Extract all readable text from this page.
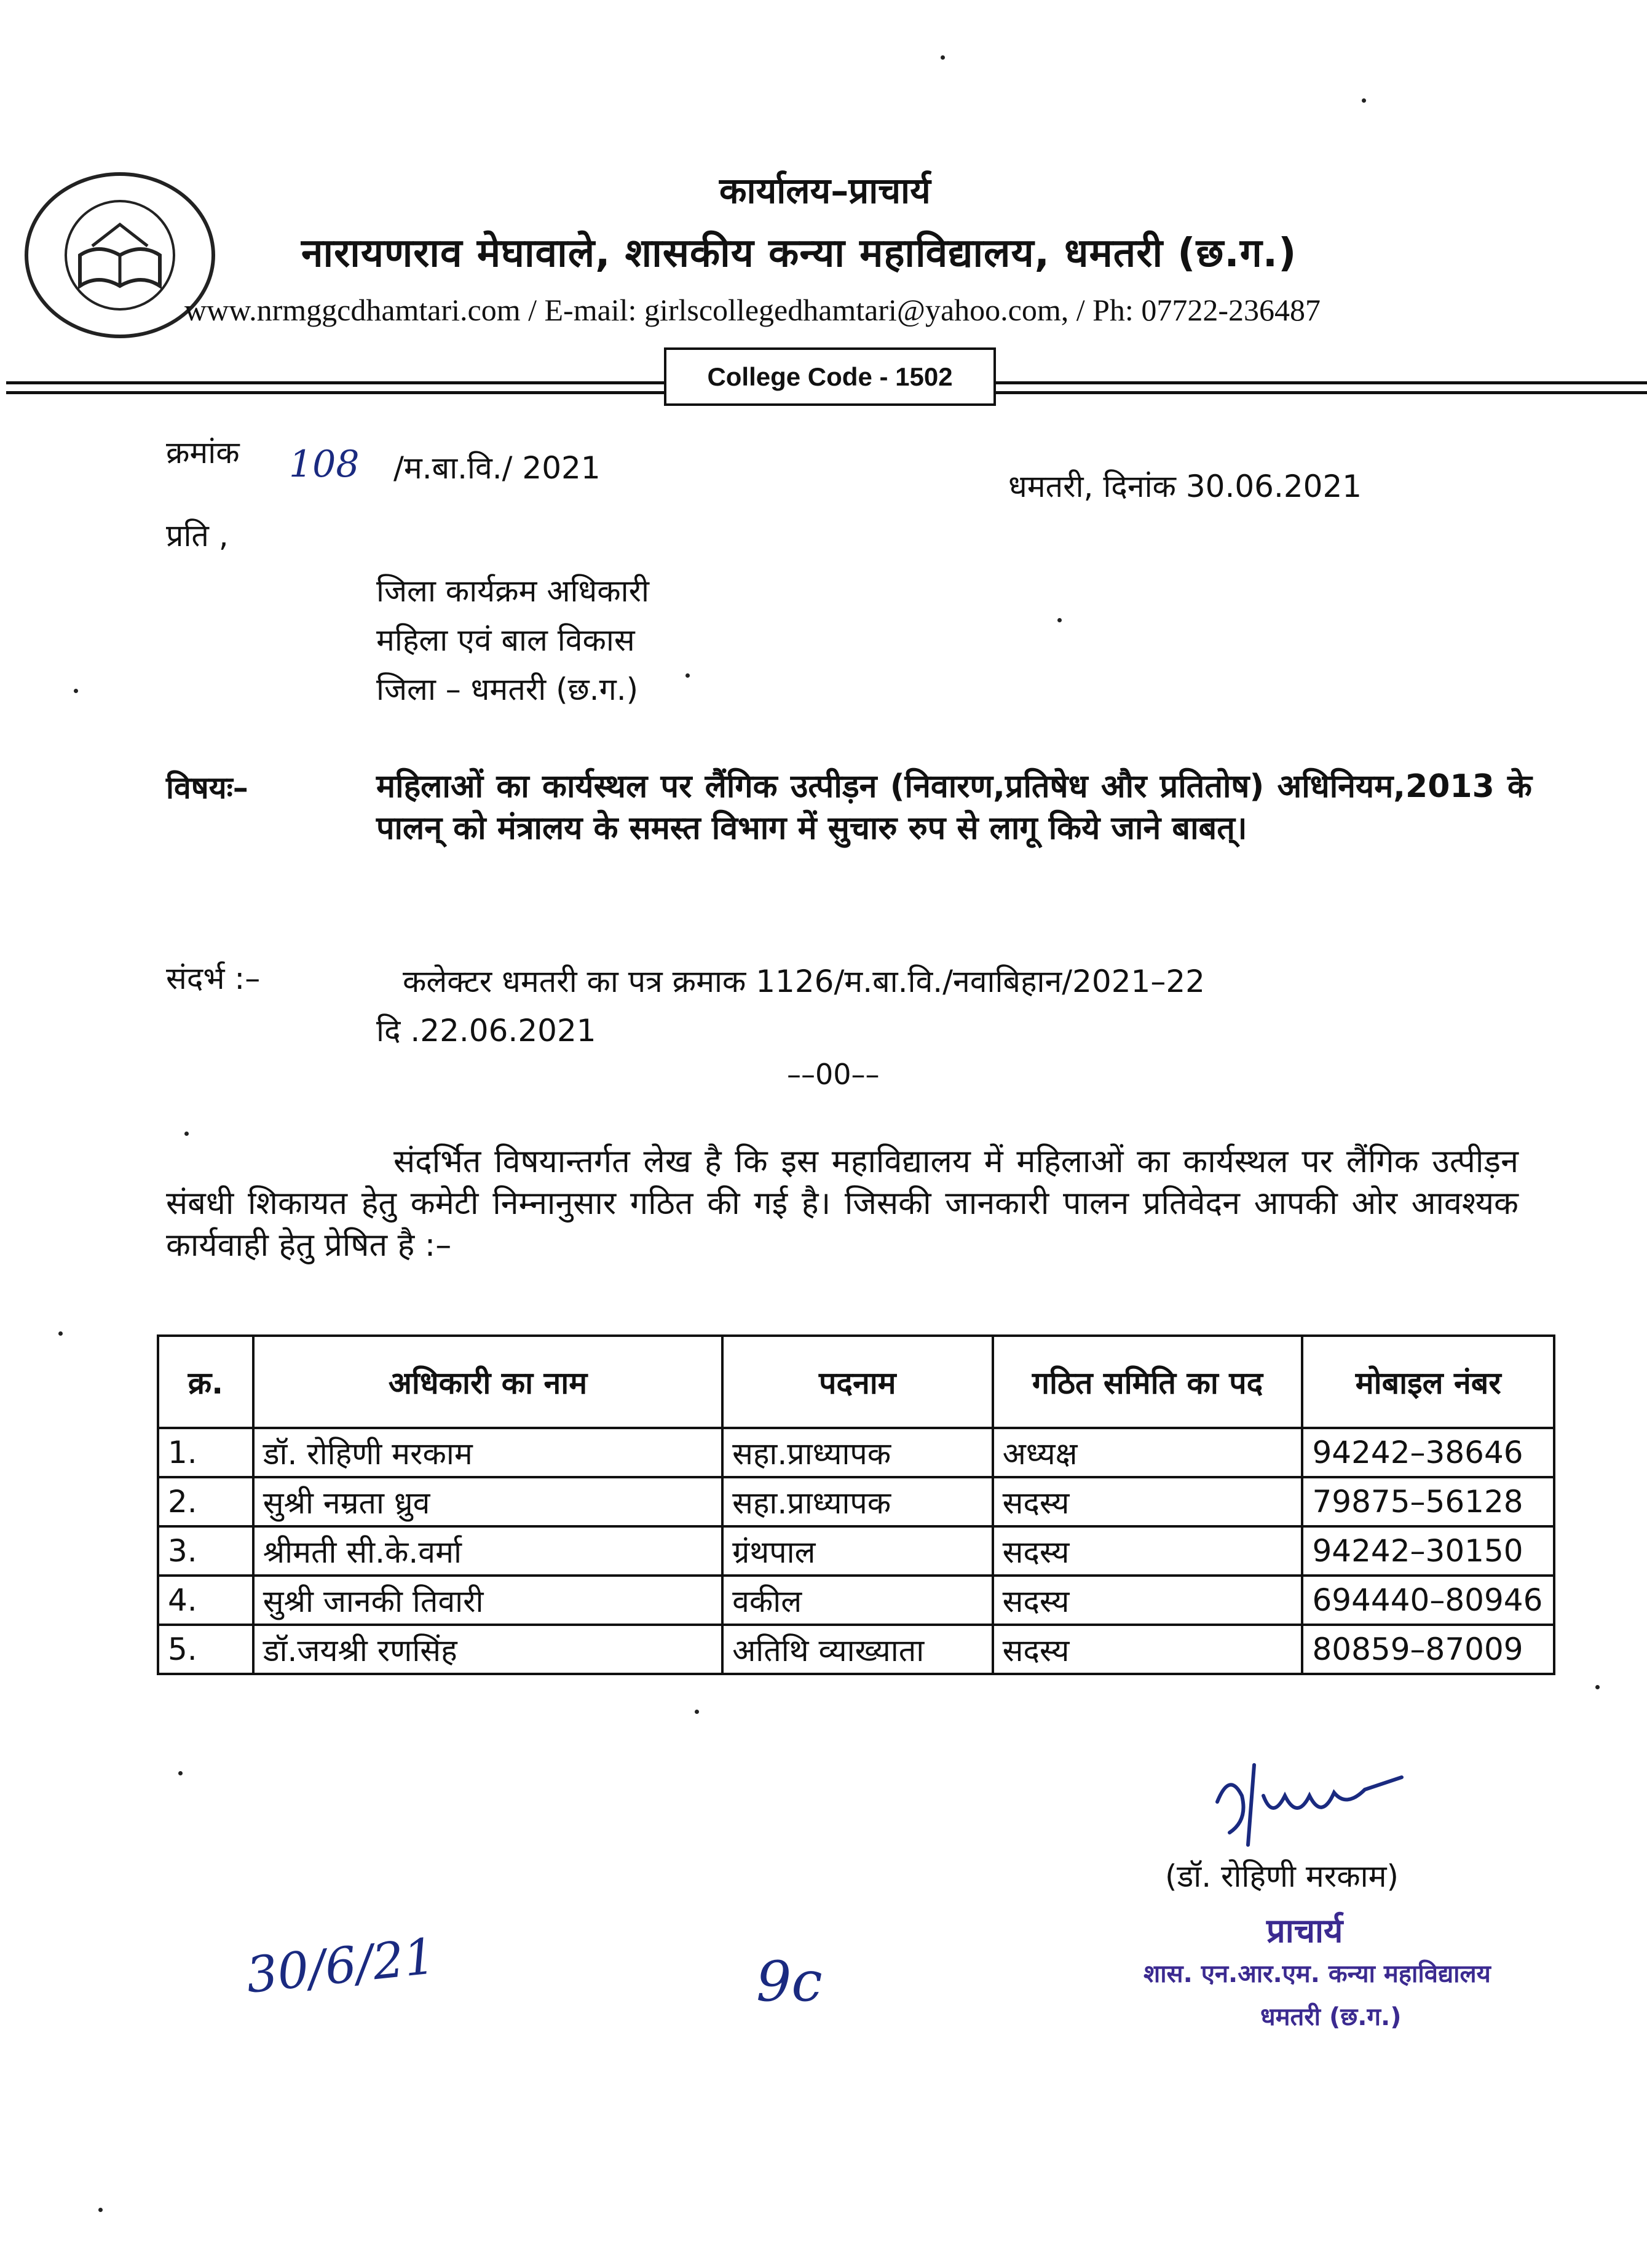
कार्यालय–प्राचार्य
नारायणराव मेघावाले, शासकीय कन्या महाविद्यालय, धमतरी (छ.ग.)
www.nrmggcdhamtari.com / E-mail: girlscollegedhamtari@yahoo.com, / Ph: 07722-236487
College Code - 1502
क्रमांक 108 /म.बा.वि./ 2021
धमतरी, दिनांक 30.06.2021
प्रति ,
जिला कार्यक्रम अधिकारी
महिला एवं बाल विकास
जिला – धमतरी (छ.ग.)
विषयः–	महिलाओं का कार्यस्थल पर लैंगिक उत्पीड़न (निवारण,प्रतिषेध और प्रतितोष) अधिनियम,2013 के पालन् को मंत्रालय के समस्त विभाग में सुचारु रुप से लागू किये जाने बाबत्।
संदर्भ :–	कलेक्टर धमतरी का पत्र क्रमाक 1126/म.बा.वि./नवाबिहान/2021–22
दि .22.06.2021
––00––
संदर्भित विषयान्तर्गत लेख है कि इस महाविद्यालय में महिलाओं का कार्यस्थल पर लैंगिक उत्पीड़न संबधी शिकायत हेतु कमेटी निम्नानुसार गठित की गई है। जिसकी जानकारी पालन प्रतिवेदन आपकी ओर आवश्यक कार्यवाही हेतु प्रेषित है :–
क्र.	अधिकारी का नाम	पदनाम	गठित समिति का पद	मोबाइल नंबर
1.	डॉ. रोहिणी मरकाम	सहा.प्राध्यापक	अध्यक्ष	94242–38646
2.	सुश्री नम्रता ध्रुव	सहा.प्राध्यापक	सदस्य	79875–56128
3.	श्रीमती सी.के.वर्मा	ग्रंथपाल	सदस्य	94242–30150
4.	सुश्री जानकी तिवारी	वकील	सदस्य	694440–80946
5.	डॉ.जयश्री रणसिंह	अतिथि व्याख्याता	सदस्य	80859–87009
(डॉ. रोहिणी मरकाम)
प्राचार्य
शास. एन.आर.एम. कन्या महाविद्यालय
धमतरी (छ.ग.)
30/6/21	9c
